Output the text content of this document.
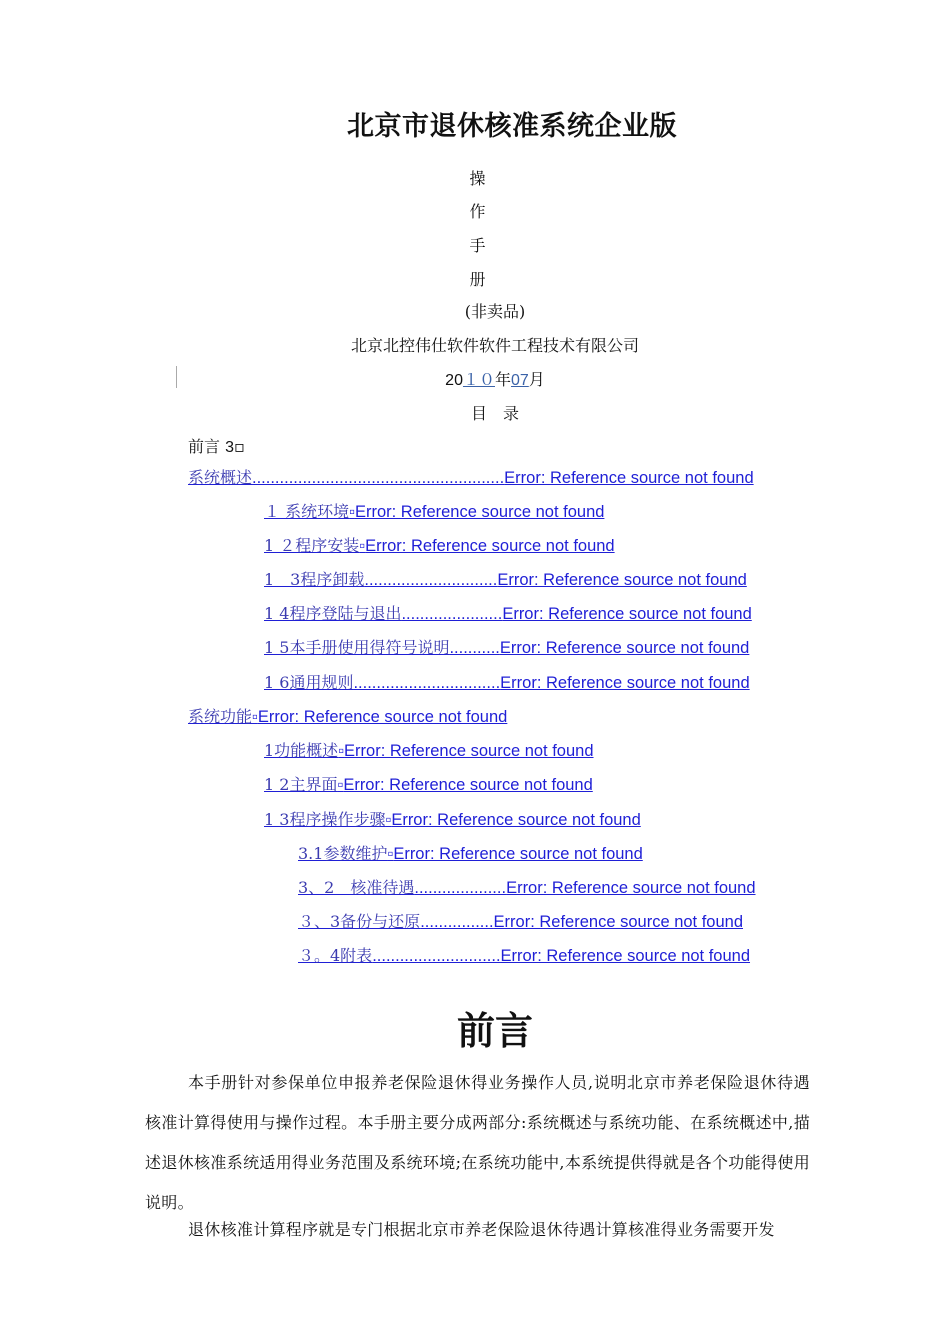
北京市退休核准系统企业版
操
作
手
册
(非卖品)
北京北控伟仕软件软件工程技术有限公司
20１０年07月
目　录
前言 3▫
系统概述.......................................................Error: Reference source not found
１ 系统环境▫Error: Reference source not found
1 ２程序安装▫Error: Reference source not found
1　3程序卸载.............................Error: Reference source not found
1 4程序登陆与退出......................Error: Reference source not found
1 5本手册使用得符号说明...........Error: Reference source not found
1 6通用规则................................Error: Reference source not found
系统功能▫Error: Reference source not found
1功能概述▫Error: Reference source not found
1 2主界面▫Error: Reference source not found
1 3程序操作步骤▫Error: Reference source not found
3.1参数维护▫Error: Reference source not found
3、2　核准待遇....................Error: Reference source not found
３、3备份与还原................Error: Reference source not found
３。4附表............................Error: Reference source not found
前言
本手册针对参保单位申报养老保险退休得业务操作人员,说明北京市养老保险退休待遇核准计算得使用与操作过程。本手册主要分成两部分:系统概述与系统功能、在系统概述中,描述退休核准系统适用得业务范围及系统环境;在系统功能中,本系统提供得就是各个功能得使用说明。
退休核准计算程序就是专门根据北京市养老保险退休待遇计算核准得业务需要开发
